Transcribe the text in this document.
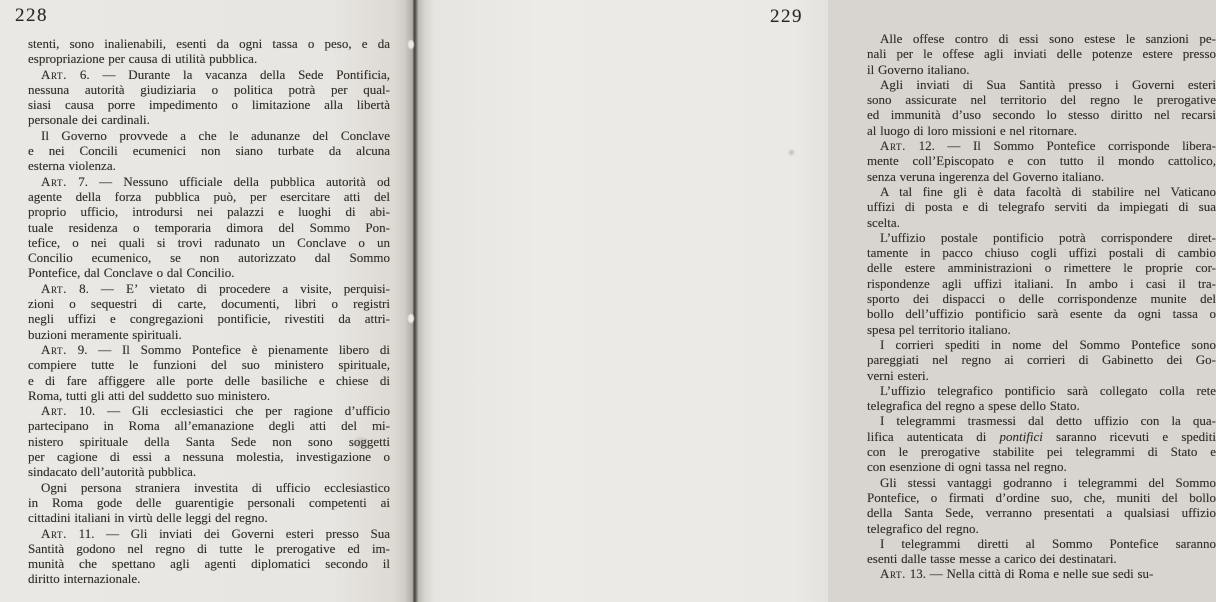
228
stenti, sono inalienabili, esenti da ogni tassa o peso, e da
espropriazione per causa di utilità pubblica.
Art. 6. — Durante la vacanza della Sede Pontificia,
nessuna autorità giudiziaria o politica potrà per qual-
siasi causa porre impedimento o limitazione alla libertà
personale dei cardinali.
Il Governo provvede a che le adunanze del Conclave
e nei Concili ecumenici non siano turbate da alcuna
esterna violenza.
Art. 7. — Nessuno ufficiale della pubblica autorità od
agente della forza pubblica può, per esercitare atti del
proprio ufficio, introdursi nei palazzi e luoghi di abi-
tuale residenza o temporaria dimora del Sommo Pon-
tefice, o nei quali si trovi radunato un Conclave o un
Concilio ecumenico, se non autorizzato dal Sommo
Pontefice, dal Conclave o dal Concilio.
Art. 8. — E’ vietato di procedere a visite, perquisi-
zioni o sequestri di carte, documenti, libri o registri
negli uffizi e congregazioni pontificie, rivestiti da attri-
buzioni meramente spirituali.
Art. 9. — Il Sommo Pontefice è pienamente libero di
compiere tutte le funzioni del suo ministero spirituale,
e di fare affiggere alle porte delle basiliche e chiese di
Roma, tutti gli atti del suddetto suo ministero.
Art. 10. — Gli ecclesiastici che per ragione d’ufficio
partecipano in Roma all’emanazione degli atti del mi-
nistero spirituale della Santa Sede non sono soggetti
per cagione di essi a nessuna molestia, investigazione o
sindacato dell’autorità pubblica.
Ogni persona straniera investita di ufficio ecclesiastico
in Roma gode delle guarentigie personali competenti ai
cittadini italiani in virtù delle leggi del regno.
Art. 11. — Gli inviati dei Governi esteri presso Sua
Santità godono nel regno di tutte le prerogative ed im-
munità che spettano agli agenti diplomatici secondo il
diritto internazionale.
229
Alle offese contro di essi sono estese le sanzioni pe-
nali per le offese agli inviati delle potenze estere presso
il Governo italiano.
Agli inviati di Sua Santità presso i Governi esteri
sono assicurate nel territorio del regno le prerogative
ed immunità d’uso secondo lo stesso diritto nel recarsi
al luogo di loro missioni e nel ritornare.
Art. 12. — Il Sommo Pontefice corrisponde libera-
mente coll’Episcopato e con tutto il mondo cattolico,
senza veruna ingerenza del Governo italiano.
A tal fine gli è data facoltà di stabilire nel Vaticano
uffizi di posta e di telegrafo serviti da impiegati di sua
scelta.
L’uffizio postale pontificio potrà corrispondere diret-
tamente in pacco chiuso cogli uffizi postali di cambio
delle estere amministrazioni o rimettere le proprie cor-
rispondenze agli uffizi italiani. In ambo i casi il tra-
sporto dei dispacci o delle corrispondenze munite del
bollo dell’uffizio pontificio sarà esente da ogni tassa o
spesa pel territorio italiano.
I corrieri spediti in nome del Sommo Pontefice sono
pareggiati nel regno ai corrieri di Gabinetto dei Go-
verni esteri.
L’uffizio telegrafico pontificio sarà collegato colla rete
telegrafica del regno a spese dello Stato.
I telegrammi trasmessi dal detto uffizio con la qua-
lifica autenticata di pontifici saranno ricevuti e spediti
con le prerogative stabilite pei telegrammi di Stato e
con esenzione di ogni tassa nel regno.
Gli stessi vantaggi godranno i telegrammi del Sommo
Pontefice, o firmati d’ordine suo, che, muniti del bollo
della Santa Sede, verranno presentati a qualsiasi uffizio
telegrafico del regno.
I telegrammi diretti al Sommo Pontefice saranno
esenti dalle tasse messe a carico dei destinatari.
Art. 13. — Nella città di Roma e nelle sue sedi su-
